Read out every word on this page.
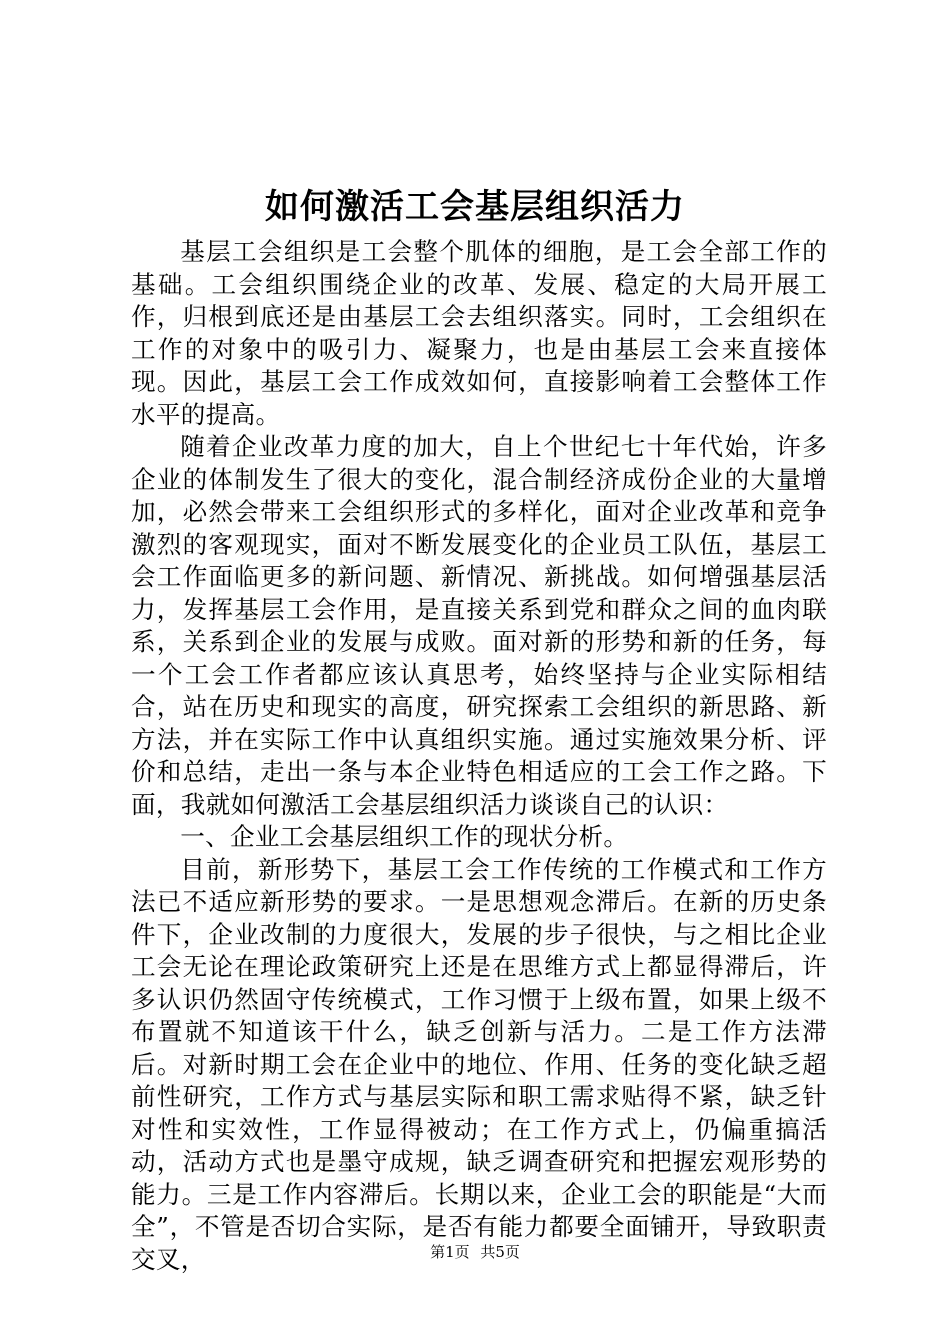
如何激活工会基层组织活力

基层工会组织是工会整个肌体的细胞，是工会全部工作的基础。工会组织围绕企业的改革、发展、稳定的大局开展工作，归根到底还是由基层工会去组织落实。同时，工会组织在工作的对象中的吸引力、凝聚力，也是由基层工会来直接体现。因此，基层工会工作成效如何，直接影响着工会整体工作水平的提高。

随着企业改革力度的加大，自上个世纪七十年代始，许多企业的体制发生了很大的变化，混合制经济成份企业的大量增加，必然会带来工会组织形式的多样化，面对企业改革和竞争激烈的客观现实，面对不断发展变化的企业员工队伍，基层工会工作面临更多的新问题、新情况、新挑战。如何增强基层活力，发挥基层工会作用，是直接关系到党和群众之间的血肉联系，关系到企业的发展与成败。面对新的形势和新的任务，每一个工会工作者都应该认真思考，始终坚持与企业实际相结合，站在历史和现实的高度，研究探索工会组织的新思路、新方法，并在实际工作中认真组织实施。通过实施效果分析、评价和总结，走出一条与本企业特色相适应的工会工作之路。下面，我就如何激活工会基层组织活力谈谈自己的认识：

一、企业工会基层组织工作的现状分析。

目前，新形势下，基层工会工作传统的工作模式和工作方法已不适应新形势的要求。一是思想观念滞后。在新的历史条件下，企业改制的力度很大，发展的步子很快，与之相比企业工会无论在理论政策研究上还是在思维方式上都显得滞后，许多认识仍然固守传统模式，工作习惯于上级布置，如果上级不布置就不知道该干什么，缺乏创新与活力。二是工作方法滞后。对新时期工会在企业中的地位、作用、任务的变化缺乏超前性研究，工作方式与基层实际和职工需求贴得不紧，缺乏针对性和实效性，工作显得被动；在工作方式上，仍偏重搞活动，活动方式也是墨守成规，缺乏调查研究和把握宏观形势的能力。三是工作内容滞后。长期以来，企业工会的职能是“大而全”，不管是否切合实际，是否有能力都要全面铺开，导致职责交叉，	第1页 共5页
